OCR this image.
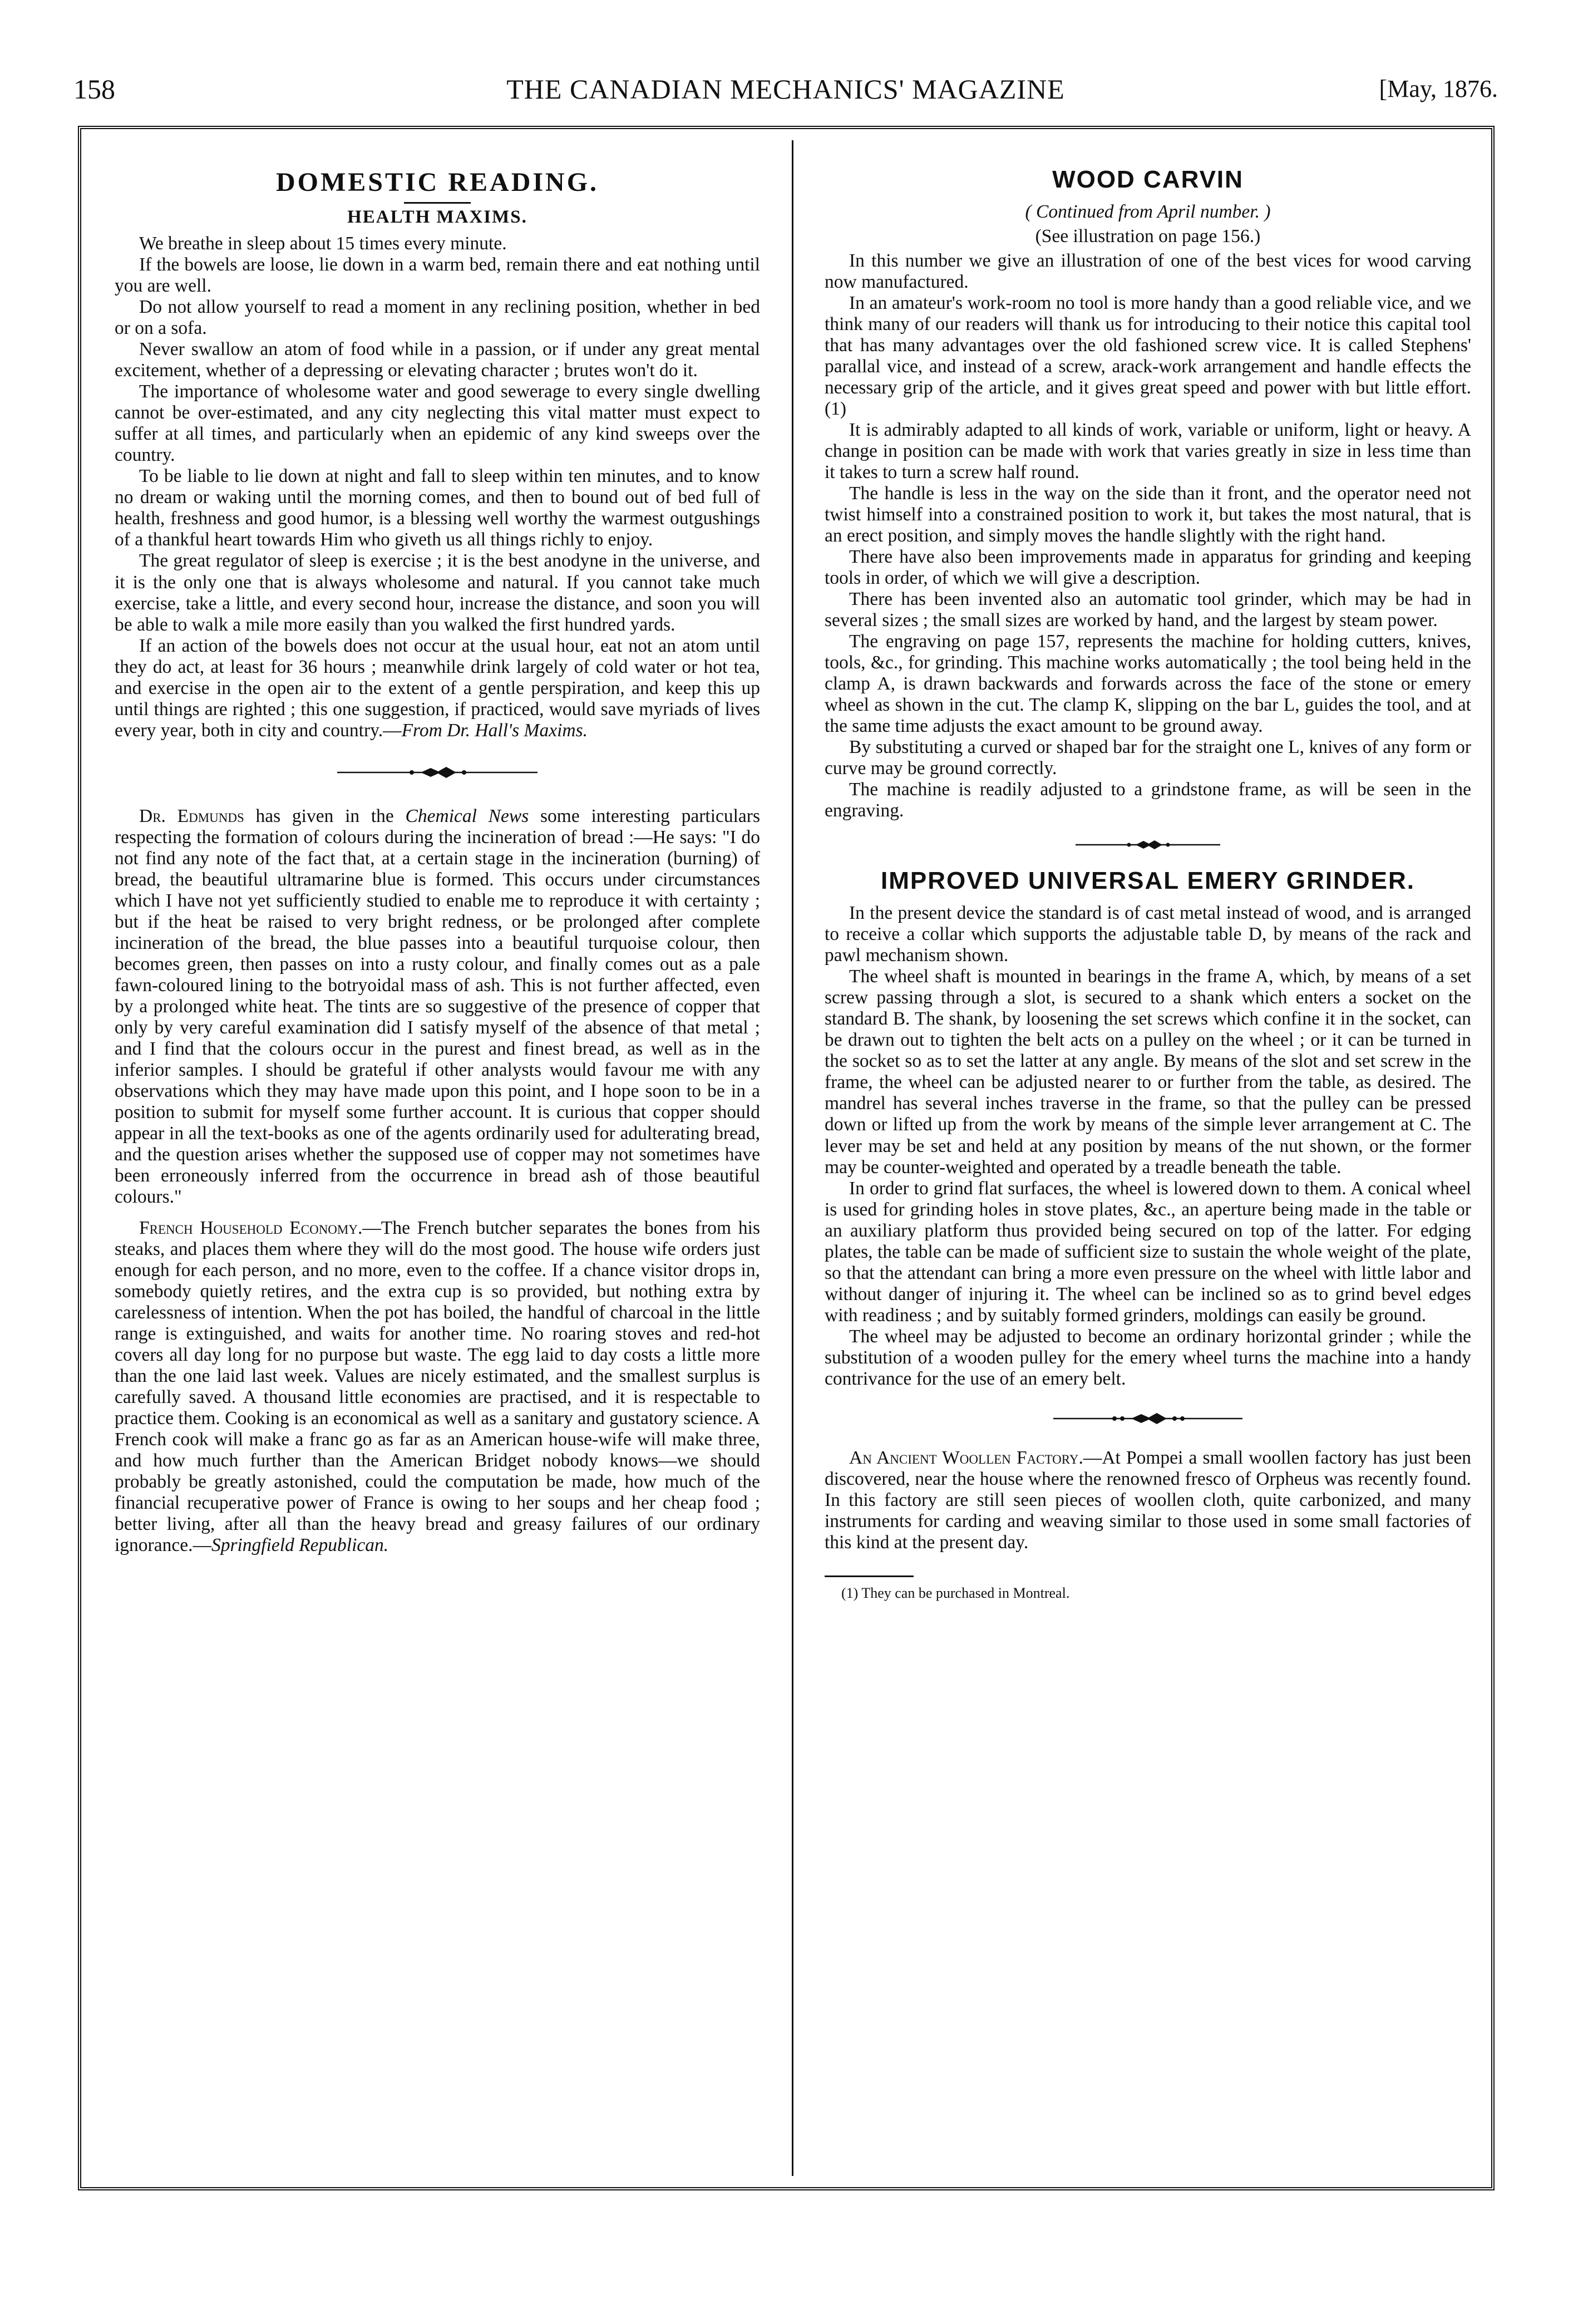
158	THE CANADIAN MECHANICS' MAGAZINE	[May, 1876.
DOMESTIC READING.
HEALTH MAXIMS.

We breathe in sleep about 15 times every minute.

If the bowels are loose, lie down in a warm bed, remain there and eat nothing until you are well.

Do not allow yourself to read a moment in any reclining position, whether in bed or on a sofa.

Never swallow an atom of food while in a passion, or if under any great mental excitement, whether of a depressing or elevating character ; brutes won't do it.

The importance of wholesome water and good sewerage to every single dwelling cannot be over-estimated, and any city neglecting this vital matter must expect to suffer at all times, and particularly when an epidemic of any kind sweeps over the country.

To be liable to lie down at night and fall to sleep within ten minutes, and to know no dream or waking until the morning comes, and then to bound out of bed full of health, freshness and good humor, is a blessing well worthy the warmest outgushings of a thankful heart towards Him who giveth us all things richly to enjoy.

The great regulator of sleep is exercise ; it is the best anodyne in the universe, and it is the only one that is always wholesome and natural. If you cannot take much exercise, take a little, and every second hour, increase the distance, and soon you will be able to walk a mile more easily than you walked the first hundred yards.

If an action of the bowels does not occur at the usual hour, eat not an atom until they do act, at least for 36 hours ; meanwhile drink largely of cold water or hot tea, and exercise in the open air to the extent of a gentle perspiration, and keep this up until things are righted ; this one suggestion, if practiced, would save myriads of lives every year, both in city and country.—From Dr. Hall's Maxims.

Dr. Edmunds has given in the Chemical News some interesting particulars respecting the formation of colours during the incineration of bread :—He says: "I do not find any note of the fact that, at a certain stage in the incineration (burning) of bread, the beautiful ultramarine blue is formed. This occurs under circumstances which I have not yet sufficiently studied to enable me to reproduce it with certainty ; but if the heat be raised to very bright redness, or be prolonged after complete incineration of the bread, the blue passes into a beautiful turquoise colour, then becomes green, then passes on into a rusty colour, and finally comes out as a pale fawn-coloured lining to the botryoidal mass of ash. This is not further affected, even by a prolonged white heat. The tints are so suggestive of the presence of copper that only by very careful examination did I satisfy myself of the absence of that metal ; and I find that the colours occur in the purest and finest bread, as well as in the inferior samples. I should be grateful if other analysts would favour me with any observations which they may have made upon this point, and I hope soon to be in a position to submit for myself some further account. It is curious that copper should appear in all the text-books as one of the agents ordinarily used for adulterating bread, and the question arises whether the supposed use of copper may not sometimes have been erroneously inferred from the occurrence in bread ash of those beautiful colours."

French Household Economy.—The French butcher separates the bones from his steaks, and places them where they will do the most good. The house wife orders just enough for each person, and no more, even to the coffee. If a chance visitor drops in, somebody quietly retires, and the extra cup is so provided, but nothing extra by carelessness of intention. When the pot has boiled, the handful of charcoal in the little range is extinguished, and waits for another time. No roaring stoves and red-hot covers all day long for no purpose but waste. The egg laid to day costs a little more than the one laid last week. Values are nicely estimated, and the smallest surplus is carefully saved. A thousand little economies are practised, and it is respectable to practice them. Cooking is an economical as well as a sanitary and gustatory science. A French cook will make a franc go as far as an American house-wife will make three, and how much further than the American Bridget nobody knows—we should probably be greatly astonished, could the computation be made, how much of the financial recuperative power of France is owing to her soups and her cheap food ; better living, after all than the heavy bread and greasy failures of our ordinary ignorance.—Springfield Republican.

WOOD CARVIN
( Continued from April number. )
(See illustration on page 156.)

In this number we give an illustration of one of the best vices for wood carving now manufactured.

In an amateur's work-room no tool is more handy than a good reliable vice, and we think many of our readers will thank us for introducing to their notice this capital tool that has many advantages over the old fashioned screw vice. It is called Stephens' parallal vice, and instead of a screw, arack-work arrangement and handle effects the necessary grip of the article, and it gives great speed and power with but little effort. (1)

It is admirably adapted to all kinds of work, variable or uniform, light or heavy. A change in position can be made with work that varies greatly in size in less time than it takes to turn a screw half round.

The handle is less in the way on the side than it front, and the operator need not twist himself into a constrained position to work it, but takes the most natural, that is an erect position, and simply moves the handle slightly with the right hand.

There have also been improvements made in apparatus for grinding and keeping tools in order, of which we will give a description.

There has been invented also an automatic tool grinder, which may be had in several sizes ; the small sizes are worked by hand, and the largest by steam power.

The engraving on page 157, represents the machine for holding cutters, knives, tools, &c., for grinding. This machine works automatically ; the tool being held in the clamp A, is drawn backwards and forwards across the face of the stone or emery wheel as shown in the cut. The clamp K, slipping on the bar L, guides the tool, and at the same time adjusts the exact amount to be ground away.

By substituting a curved or shaped bar for the straight one L, knives of any form or curve may be ground correctly.

The machine is readily adjusted to a grindstone frame, as will be seen in the engraving.

IMPROVED UNIVERSAL EMERY GRINDER.

In the present device the standard is of cast metal instead of wood, and is arranged to receive a collar which supports the adjustable table D, by means of the rack and pawl mechanism shown.

The wheel shaft is mounted in bearings in the frame A, which, by means of a set screw passing through a slot, is secured to a shank which enters a socket on the standard B. The shank, by loosening the set screws which confine it in the socket, can be drawn out to tighten the belt acts on a pulley on the wheel ; or it can be turned in the socket so as to set the latter at any angle. By means of the slot and set screw in the frame, the wheel can be adjusted nearer to or further from the table, as desired. The mandrel has several inches traverse in the frame, so that the pulley can be pressed down or lifted up from the work by means of the simple lever arrangement at C. The lever may be set and held at any position by means of the nut shown, or the former may be counter-weighted and operated by a treadle beneath the table.

In order to grind flat surfaces, the wheel is lowered down to them. A conical wheel is used for grinding holes in stove plates, &c., an aperture being made in the table or an auxiliary platform thus provided being secured on top of the latter. For edging plates, the table can be made of sufficient size to sustain the whole weight of the plate, so that the attendant can bring a more even pressure on the wheel with little labor and without danger of injuring it. The wheel can be inclined so as to grind bevel edges with readiness ; and by suitably formed grinders, moldings can easily be ground.

The wheel may be adjusted to become an ordinary horizontal grinder ; while the substitution of a wooden pulley for the emery wheel turns the machine into a handy contrivance for the use of an emery belt.

An Ancient Woollen Factory.—At Pompei a small woollen factory has just been discovered, near the house where the renowned fresco of Orpheus was recently found. In this factory are still seen pieces of woollen cloth, quite carbonized, and many instruments for carding and weaving similar to those used in some small factories of this kind at the present day.

(1) They can be purchased in Montreal.
